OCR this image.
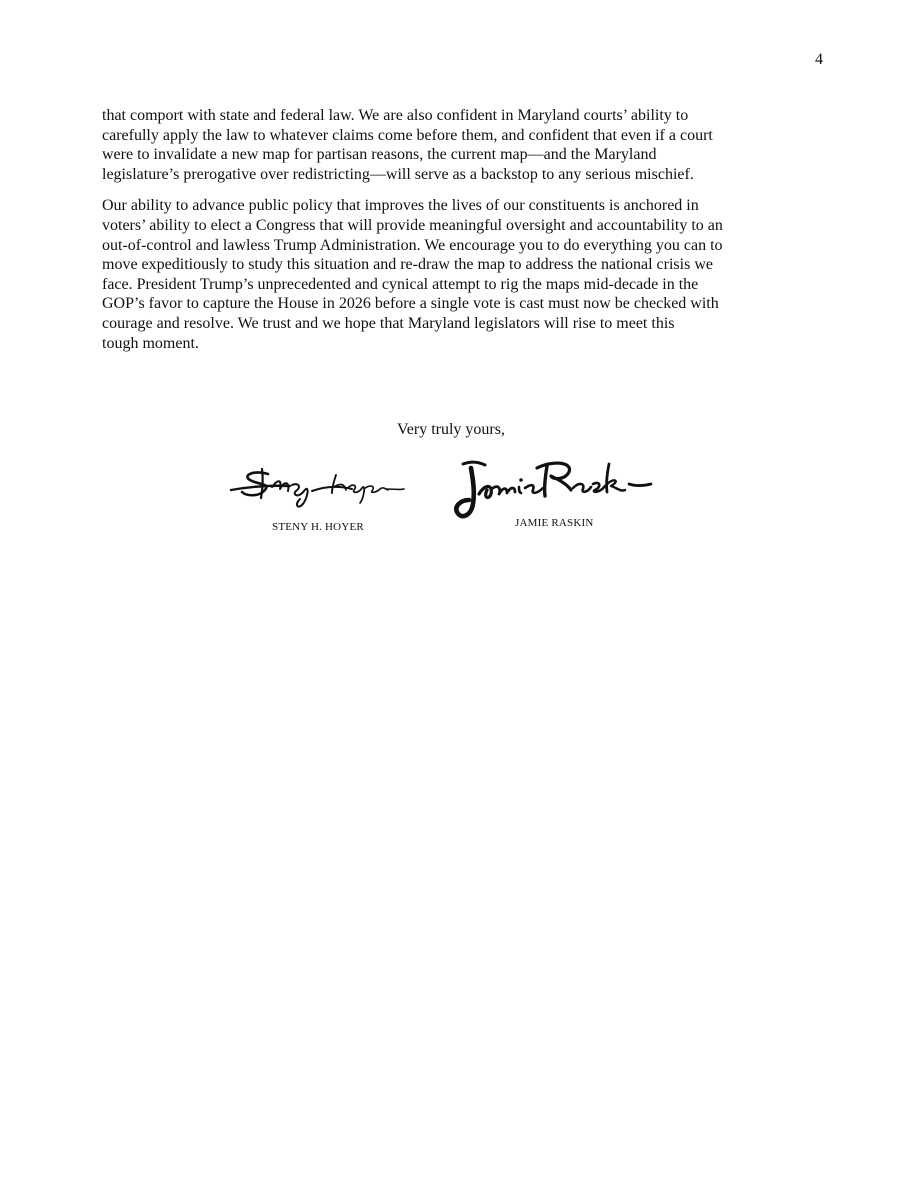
4

that comport with state and federal law. We are also confident in Maryland courts’ ability to
carefully apply the law to whatever claims come before them, and confident that even if a court
were to invalidate a new map for partisan reasons, the current map—and the Maryland
legislature’s prerogative over redistricting—will serve as a backstop to any serious mischief.

Our ability to advance public policy that improves the lives of our constituents is anchored in
voters’ ability to elect a Congress that will provide meaningful oversight and accountability to an
out-of-control and lawless Trump Administration. We encourage you to do everything you can to
move expeditiously to study this situation and re-draw the map to address the national crisis we
face. President Trump’s unprecedented and cynical attempt to rig the maps mid-decade in the
GOP’s favor to capture the House in 2026 before a single vote is cast must now be checked with
courage and resolve. We trust and we hope that Maryland legislators will rise to meet this
tough moment.

Very truly yours,
STENY H. HOYER	JAMIE RASKIN
